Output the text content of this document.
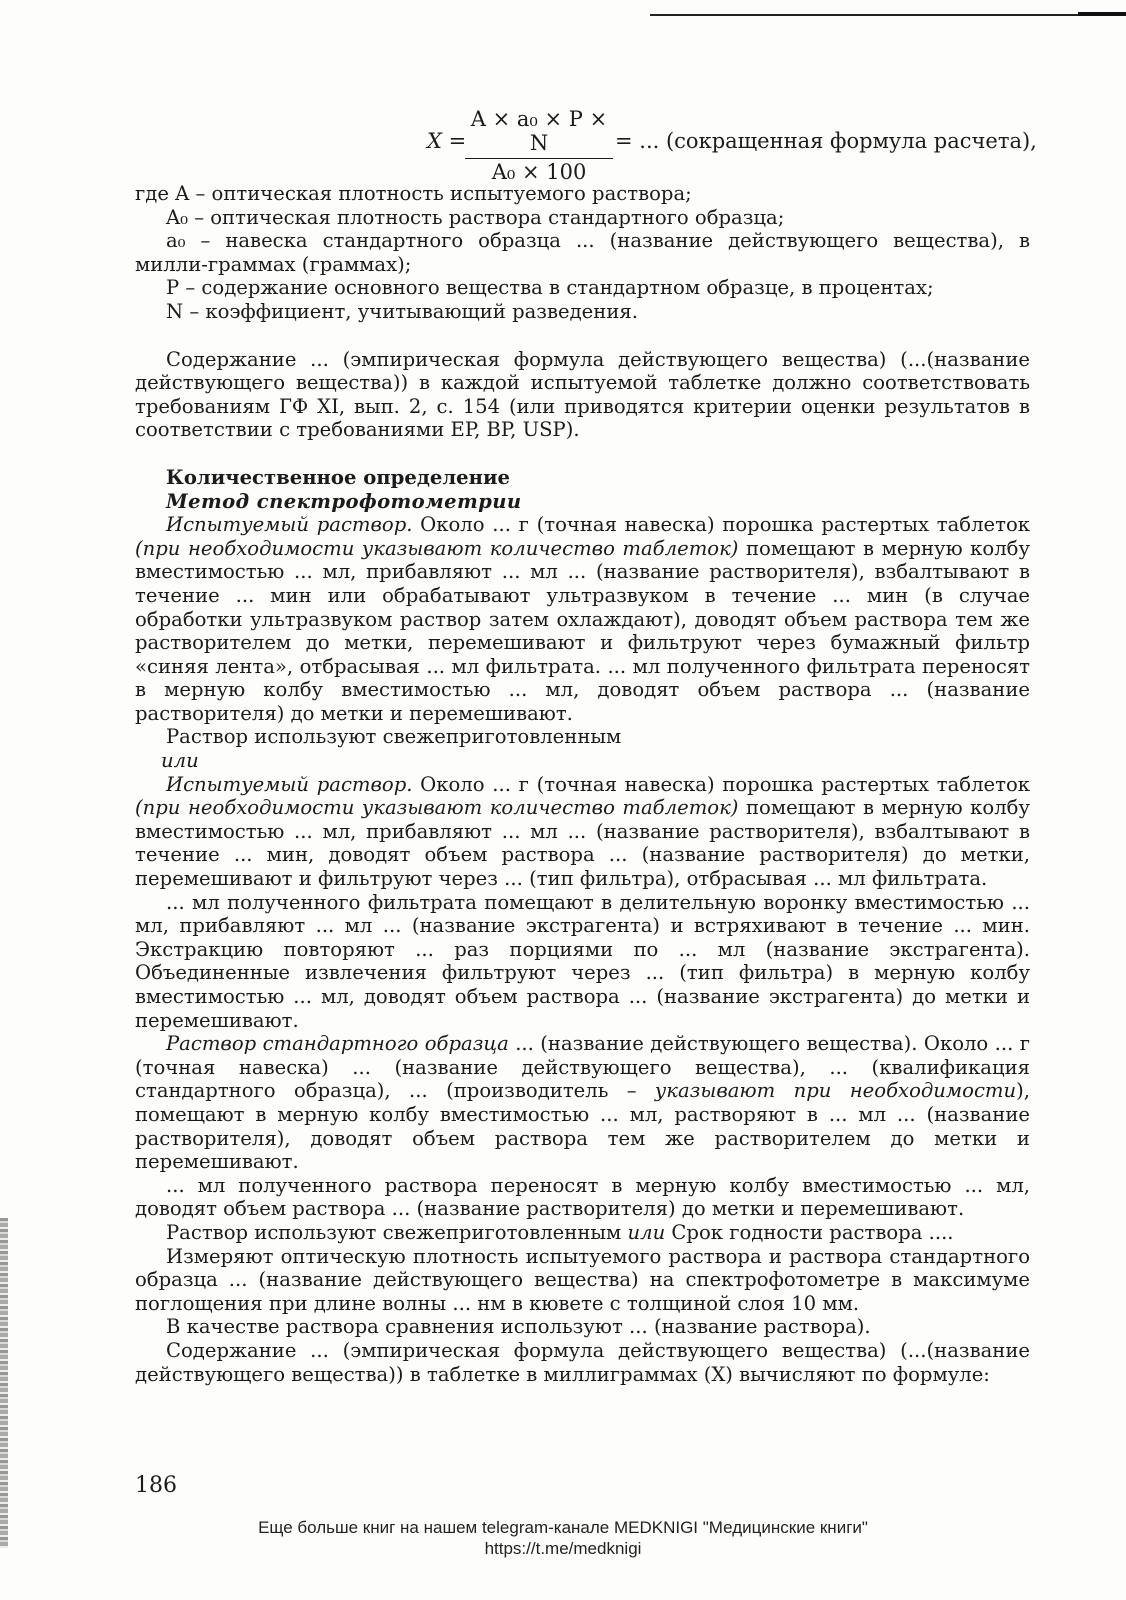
X =
$\frac{\text{A × a₀ × P × N}}{\text{A₀ × 100}}$ = ... (сокращенная формула расчета),

где A – оптическая плотность испытуемого раствора;

A₀ – оптическая плотность раствора стандартного образца;

a₀ – навеска стандартного образца ... (название действующего вещества), в милли-граммах (граммах);

P – содержание основного вещества в стандартном образце, в процентах;

N – коэффициент, учитывающий разведения.

Содержание ... (эмпирическая формула действующего вещества) (...(название действующего вещества)) в каждой испытуемой таблетке должно соответствовать требованиям ГФ XI, вып. 2, с. 154 (или приводятся критерии оценки результатов в соответствии с требованиями EP, BP, USP).

Количественное определение

Метод спектрофотометрии

Испытуемый раствор. Около ... г (точная навеска) порошка растертых таблеток (при необходимости указывают количество таблеток) помещают в мерную колбу вместимостью ... мл, прибавляют ... мл ... (название растворителя), взбалтывают в течение ... мин или обрабатывают ультразвуком в течение ... мин (в случае обработки ультразвуком раствор затем охлаждают), доводят объем раствора тем же растворителем до метки, перемешивают и фильтруют через бумажный фильтр «синяя лента», отбрасывая ... мл фильтрата. ... мл полученного фильтрата переносят в мерную колбу вместимостью ... мл, доводят объем раствора ... (название растворителя) до метки и перемешивают.

Раствор используют свежеприготовленным

или

Испытуемый раствор. Около ... г (точная навеска) порошка растертых таблеток (при необходимости указывают количество таблеток) помещают в мерную колбу вместимостью ... мл, прибавляют ... мл ... (название растворителя), взбалтывают в течение ... мин, доводят объем раствора ... (название растворителя) до метки, перемешивают и фильтруют через ... (тип фильтра), отбрасывая ... мл фильтрата.

... мл полученного фильтрата помещают в делительную воронку вместимостью ... мл, прибавляют ... мл ... (название экстрагента) и встряхивают в течение ... мин. Экстракцию повторяют ... раз порциями по ... мл (название экстрагента). Объединенные извлечения фильтруют через ... (тип фильтра) в мерную колбу вместимостью ... мл, доводят объем раствора ... (название экстрагента) до метки и перемешивают.

Раствор стандартного образца ... (название действующего вещества). Около ... г (точная навеска) ... (название действующего вещества), ... (квалификация стандартного образца), ... (производитель – указывают при необходимости), помещают в мерную колбу вместимостью ... мл, растворяют в ... мл ... (название растворителя), доводят объем раствора тем же растворителем до метки и перемешивают.

... мл полученного раствора переносят в мерную колбу вместимостью ... мл, доводят объем раствора ... (название растворителя) до метки и перемешивают.

Раствор используют свежеприготовленным или Срок годности раствора ....

Измеряют оптическую плотность испытуемого раствора и раствора стандартного образца ... (название действующего вещества) на спектрофотометре в максимуме поглощения при длине волны ... нм в кювете с толщиной слоя 10 мм.

В качестве раствора сравнения используют ... (название раствора).

Содержание ... (эмпирическая формула действующего вещества) (...(название действующего вещества)) в таблетке в миллиграммах (X) вычисляют по формуле:

186
Еще больше книг на нашем telegram-канале MEDKNIGI "Медицинские книги"
https://t.me/medknigi
